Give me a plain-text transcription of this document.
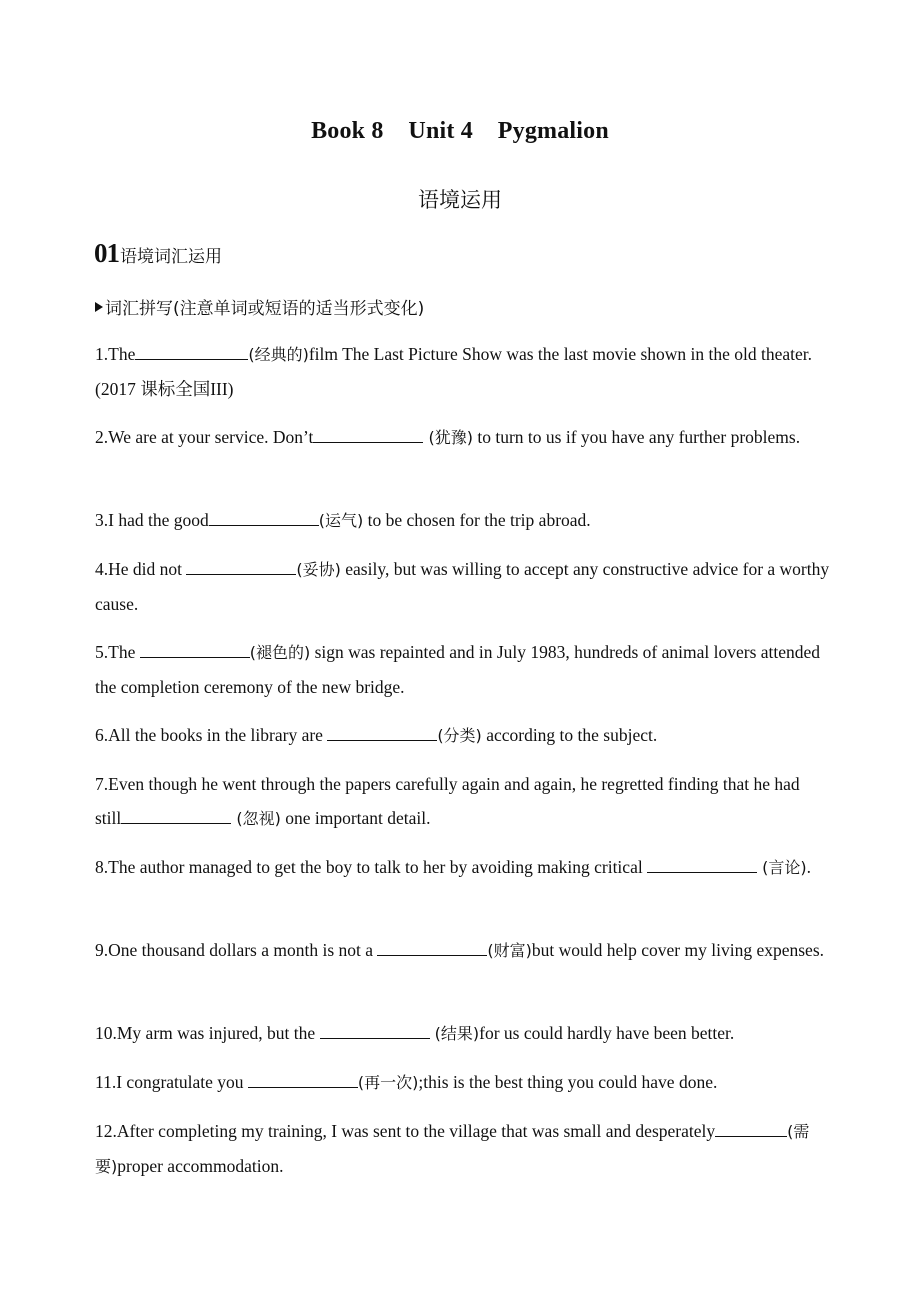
Book 8    Unit 4    Pygmalion
语境运用
01 语境词汇运用
词汇拼写(注意单词或短语的适当形式变化)
1.The	(经典的)film The Last Picture Show was the last movie shown in the old theater.(2017 课标全国III)
2.We are at your service. Don’t	(犹豫) to turn to us if you have any further problems.
3.I had the good	(运气) to be chosen for the trip abroad.
4.He did not	(妥协) easily, but was willing to accept any constructive advice for a worthy cause.
5.The	(褪色的) sign was repainted and in July 1983, hundreds of animal lovers attended the completion ceremony of the new bridge.
6.All the books in the library are	(分类) according to the subject.
7.Even though he went through the papers carefully again and again, he regretted finding that he had still	(忽视) one important detail.
8.The author managed to get the boy to talk to her by avoiding making critical	(言论).
9.One thousand dollars a month is not a	(财富)but would help cover my living expenses.
10.My arm was injured, but the	(结果)for us could hardly have been better.
11.I congratulate you	(再一次);this is the best thing you could have done.
12.After completing my training, I was sent to the village that was small and desperately	(需要)proper accommodation.
